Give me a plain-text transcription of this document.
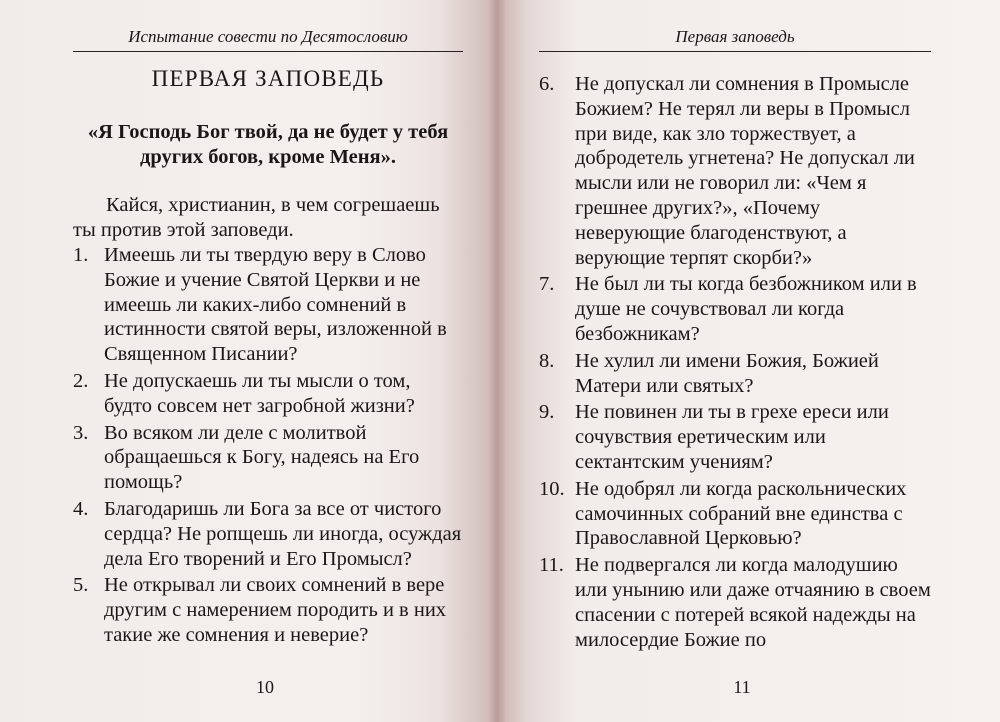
Испытание совести по Десятословию
ПЕРВАЯ ЗАПОВЕДЬ
«Я Господь Бог твой, да не будет у тебя других богов, кроме Меня».
Кайся, христианин, в чем согрешаешь ты против этой заповеди.
1. Имеешь ли ты твердую веру в Слово Божие и учение Святой Церкви и не имеешь ли каких-либо сомнений в истинности святой веры, изложенной в Священном Писании?
2. Не допускаешь ли ты мысли о том, будто совсем нет загробной жизни?
3. Во всяком ли деле с молитвой обращаешься к Богу, надеясь на Его помощь?
4. Благодаришь ли Бога за все от чистого сердца? Не ропщешь ли иногда, осуждая дела Его творений и Его Промысл?
5. Не открывал ли своих сомнений в вере другим с намерением породить и в них такие же сомнения и неверие?
10
Первая заповедь
6. Не допускал ли сомнения в Промысле Божием? Не терял ли веры в Промысл при виде, как зло торжествует, а добродетель угнетена? Не допускал ли мысли или не говорил ли: «Чем я грешнее других?», «Почему неверующие благоденствуют, а верующие терпят скорби?»
7. Не был ли ты когда безбожником или в душе не сочувствовал ли когда безбожникам?
8. Не хулил ли имени Божия, Божией Матери или святых?
9. Не повинен ли ты в грехе ереси или сочувствия еретическим или сектантским учениям?
10. Не одобрял ли когда раскольнических самочинных собраний вне единства с Православной Церковью?
11. Не подвергался ли когда малодушию или унынию или даже отчаянию в своем спасении с потерей всякой надежды на милосердие Божие по
11
